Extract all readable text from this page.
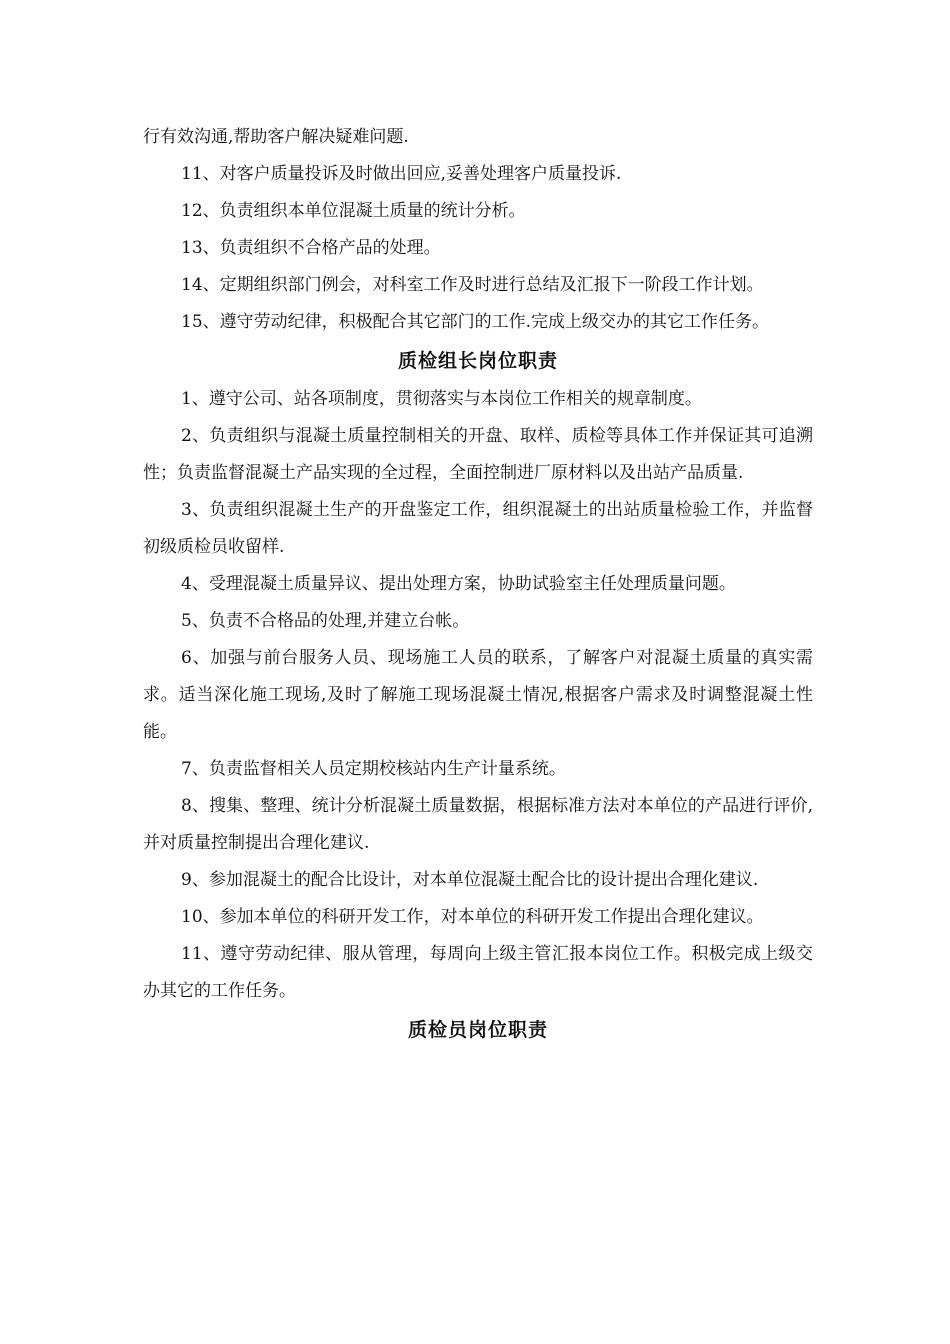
行有效沟通,帮助客户解决疑难问题.

11、对客户质量投诉及时做出回应,妥善处理客户质量投诉.

12、负责组织本单位混凝土质量的统计分析。

13、负责组织不合格产品的处理。

14、定期组织部门例会，对科室工作及时进行总结及汇报下一阶段工作计划。

15、遵守劳动纪律，积极配合其它部门的工作.完成上级交办的其它工作任务。

质检组长岗位职责

1、遵守公司、站各项制度，贯彻落实与本岗位工作相关的规章制度。

2、负责组织与混凝土质量控制相关的开盘、取样、质检等具体工作并保证其可追溯性；负责监督混凝土产品实现的全过程，全面控制进厂原材料以及出站产品质量.

3、负责组织混凝土生产的开盘鉴定工作，组织混凝土的出站质量检验工作，并监督初级质检员收留样.

4、受理混凝土质量异议、提出处理方案，协助试验室主任处理质量问题。

5、负责不合格品的处理,并建立台帐。

6、加强与前台服务人员、现场施工人员的联系，了解客户对混凝土质量的真实需求。适当深化施工现场,及时了解施工现场混凝土情况,根据客户需求及时调整混凝土性能。

7、负责监督相关人员定期校核站内生产计量系统。

8、搜集、整理、统计分析混凝土质量数据，根据标准方法对本单位的产品进行评价,并对质量控制提出合理化建议.

9、参加混凝土的配合比设计，对本单位混凝土配合比的设计提出合理化建议.

10、参加本单位的科研开发工作，对本单位的科研开发工作提出合理化建议。

11、遵守劳动纪律、服从管理，每周向上级主管汇报本岗位工作。积极完成上级交办其它的工作任务。

质检员岗位职责
